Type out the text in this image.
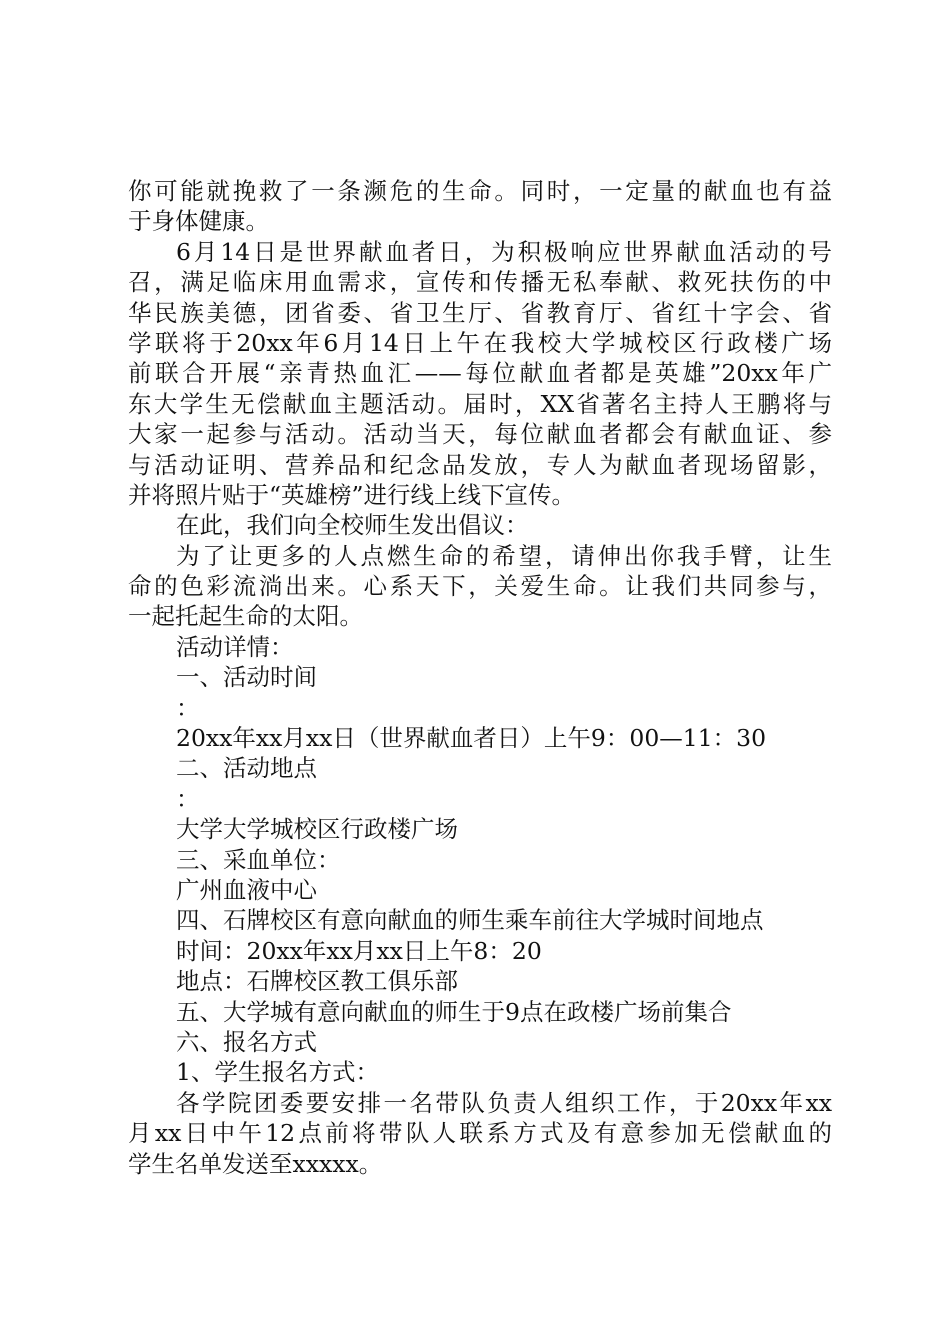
你可能就挽救了一条濒危的生命。同时，一定量的献血也有益
于身体健康。
6月14日是世界献血者日，为积极响应世界献血活动的号
召，满足临床用血需求，宣传和传播无私奉献、救死扶伤的中
华民族美德，团省委、省卫生厅、省教育厅、省红十字会、省
学联将于20xx年6月14日上午在我校大学城校区行政楼广场
前联合开展“亲青热血汇——每位献血者都是英雄”20xx年广
东大学生无偿献血主题活动。届时，XX省著名主持人王鹏将与
大家一起参与活动。活动当天，每位献血者都会有献血证、参
与活动证明、营养品和纪念品发放，专人为献血者现场留影，
并将照片贴于“英雄榜”进行线上线下宣传。
在此，我们向全校师生发出倡议：
为了让更多的人点燃生命的希望，请伸出你我手臂，让生
命的色彩流淌出来。心系天下，关爱生命。让我们共同参与，
一起托起生命的太阳。
活动详情：
一、活动时间
：
20xx年xx月xx日（世界献血者日）上午9：00—11：30
二、活动地点
：
大学大学城校区行政楼广场
三、采血单位：
广州血液中心
四、石牌校区有意向献血的师生乘车前往大学城时间地点
时间：20xx年xx月xx日上午8：20
地点：石牌校区教工俱乐部
五、大学城有意向献血的师生于9点在政楼广场前集合
六、报名方式
1、学生报名方式：
各学院团委要安排一名带队负责人组织工作，于20xx年xx
月xx日中午12点前将带队人联系方式及有意参加无偿献血的
学生名单发送至xxxxx。
